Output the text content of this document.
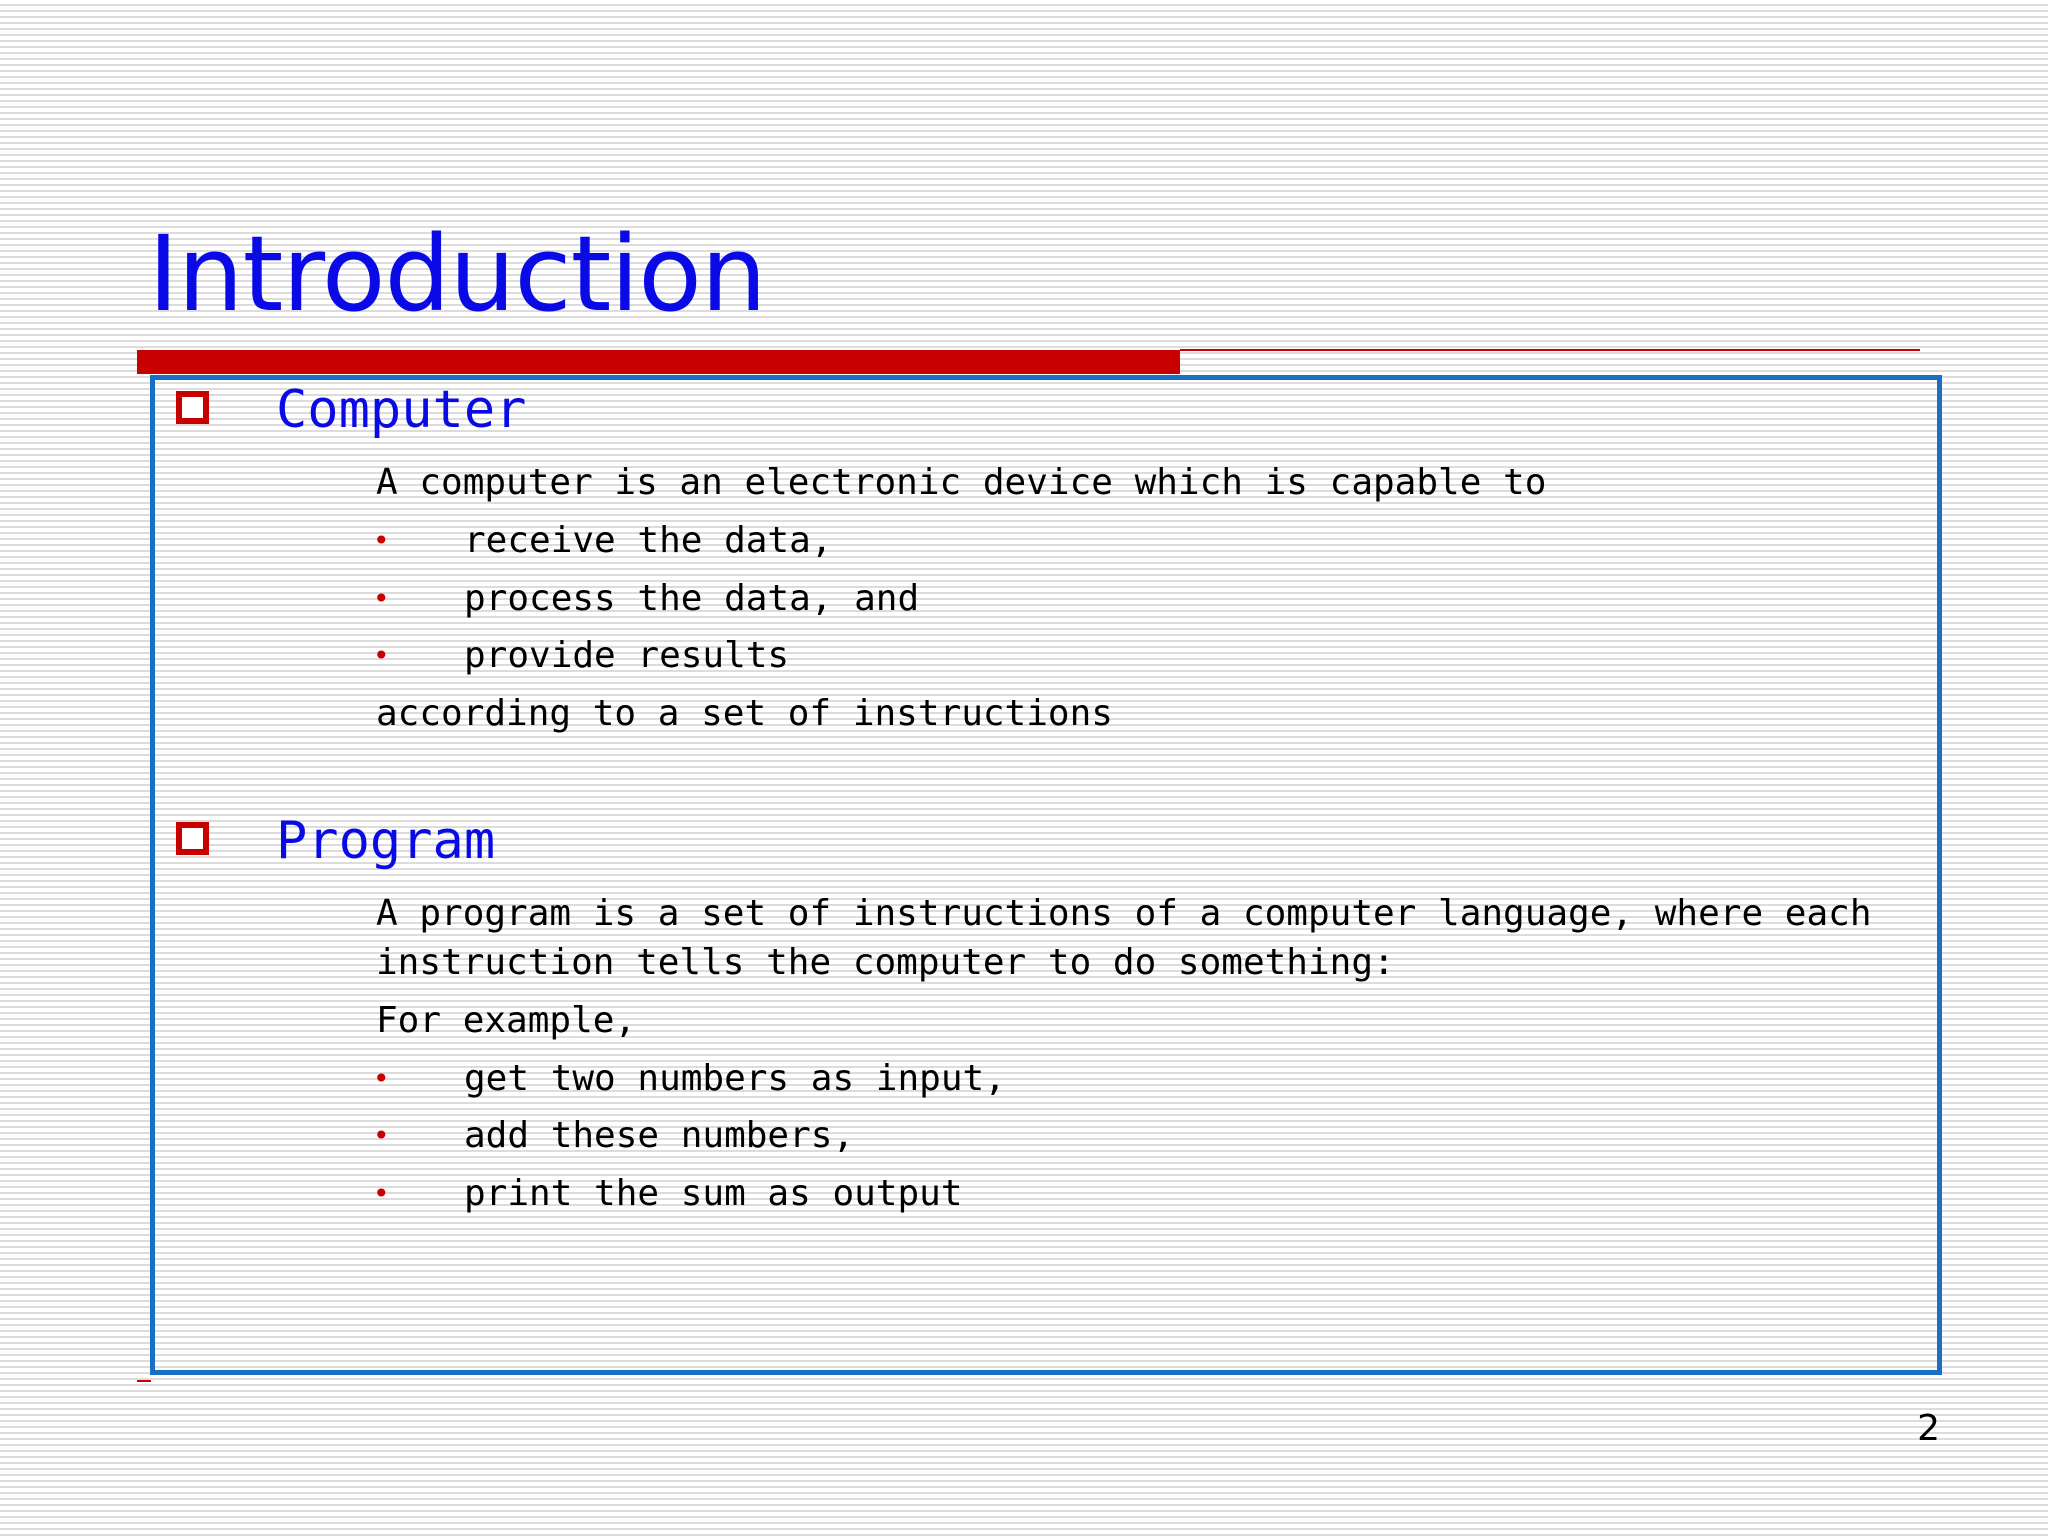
Introduction
Computer
A computer is an electronic device which is capable to
• receive the data,
• process the data, and
• provide results
according to a set of instructions
Program
A program is a set of instructions of a computer language, where each
instruction tells the computer to do something:
For example,
• get two numbers as input,
• add these numbers,
• print the sum as output
2
